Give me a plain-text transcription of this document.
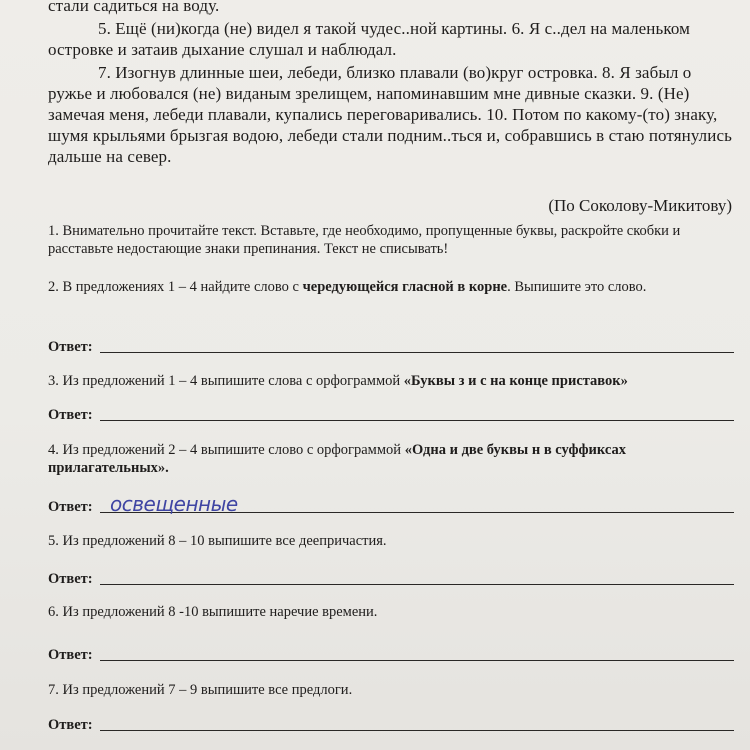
стали садиться на воду.
5. Ещё (ни)когда (не) видел я такой чудес..ной картины. 6. Я с..дел на маленьком островке и затаив дыхание слушал и наблюдал.
7. Изогнув длинные шеи, лебеди, близко плавали (во)круг островка. 8. Я забыл о ружье и любовался (не) виданым зрелищем, напоминавшим мне дивные сказки. 9. (Не) замечая меня, лебеди плавали, купались переговаривались. 10. Потом по какому-(то) знаку, шумя крыльями брызгая водою, лебеди стали подним..ться и, собравшись в стаю потянулись дальше на север.
(По Соколову-Микитову)
1. Внимательно прочитайте текст. Вставьте, где необходимо, пропущенные буквы, раскройте скобки и расставьте недостающие знаки препинания. Текст не списывать!
2. В предложениях 1 – 4 найдите слово с чередующейся гласной в корне. Выпишите это слово.
Ответ:
3. Из предложений 1 – 4 выпишите слова с орфограммой «Буквы з и с на конце приставок»
Ответ:
4. Из предложений 2 – 4 выпишите слово с орфограммой «Одна и две буквы н в суффиксах прилагательных».
Ответ: освещенные
5. Из предложений 8 – 10 выпишите все деепричастия.
Ответ:
6. Из предложений 8 -10 выпишите наречие времени.
Ответ:
7. Из предложений 7 – 9 выпишите все предлоги.
Ответ:
